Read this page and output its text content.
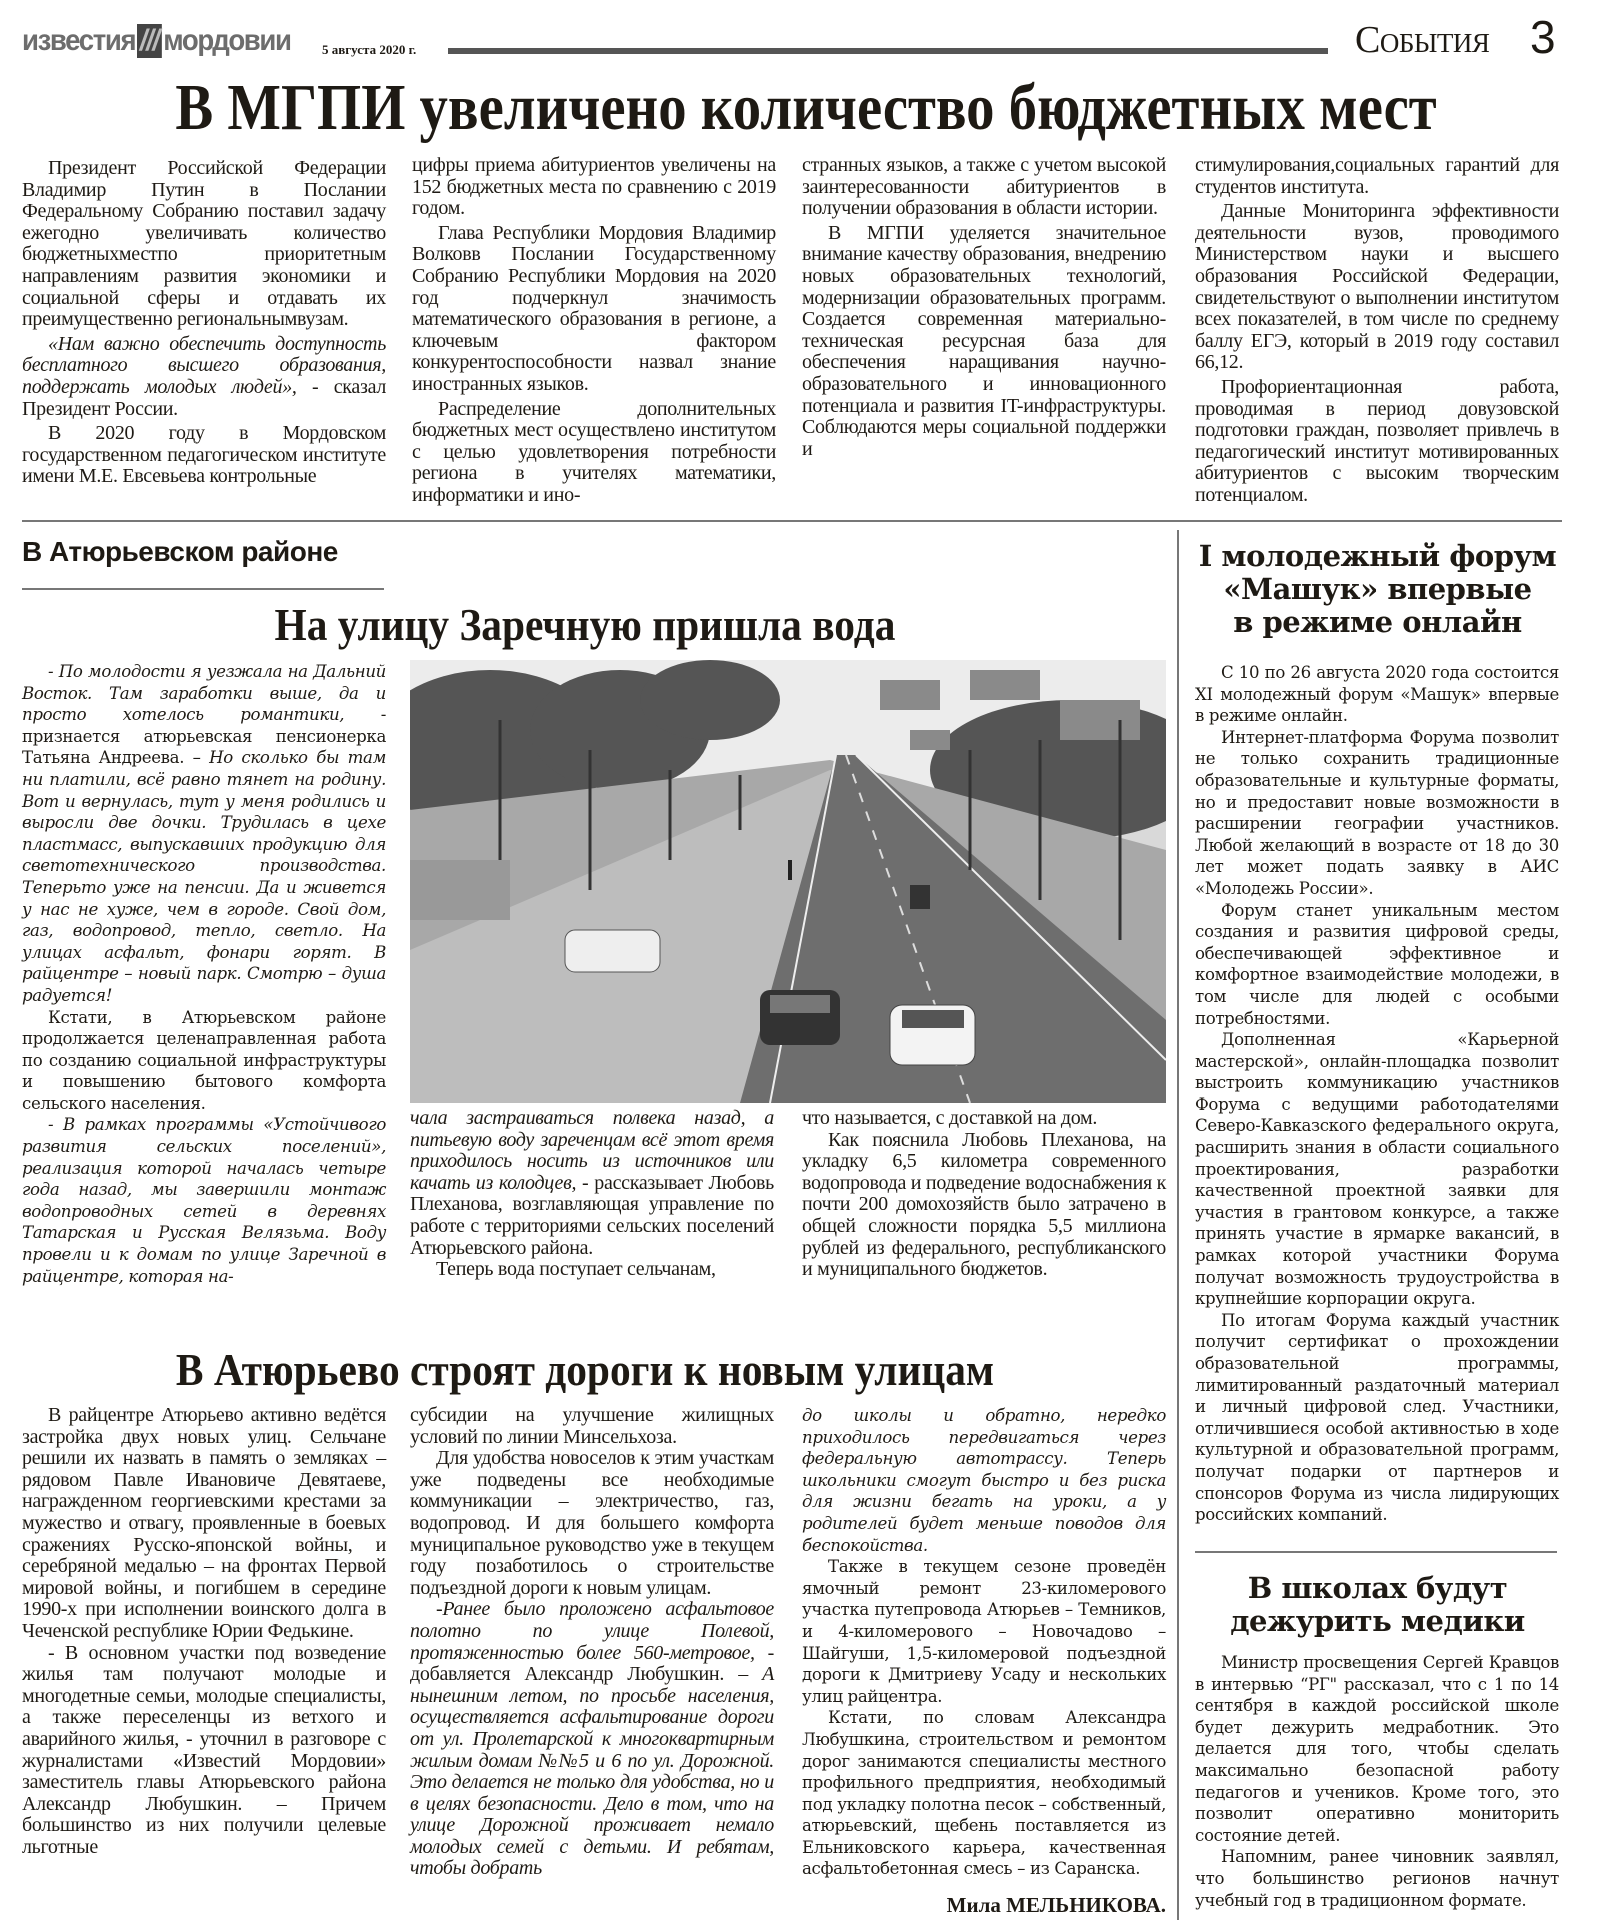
известия /// мордовии 5 августа 2020 г.	События 3
В МГПИ увеличено количество бюджетных мест

Президент Российской Федерации Владимир Путин в Послании Федеральному Собранию поставил задачу ежегодно увеличивать количество бюджетныхместпо приоритетным направлениям развития экономики и социальной сферы и отдавать их преимущественно региональнымвузам.

«Нам важно обеспечить доступность бесплатного высшего образования, поддержать молодых людей», - сказал Президент России.

В 2020 году в Мордовском государственном педагогическом институте имени М.Е. Евсевьева контрольные

цифры приема абитуриентов увеличены на 152 бюджетных места по сравнению с 2019 годом.

Глава Республики Мордовия Владимир Волковв Послании Государственному Собранию Республики Мордовия на 2020 год подчеркнул значимость математического образования в регионе, а ключевым фактором конкурентоспособности назвал знание иностранных языков.

Распределение дополнительных бюджетных мест осуществлено институтом с целью удовлетворения потребности региона в учителях математики, информатики и ино-

странных языков, а также с учетом высокой заинтересованности абитуриентов в получении образования в области истории.

В МГПИ уделяется значительное внимание качеству образования, внедрению новых образовательных технологий, модернизации образовательных программ. Создается современная материально-техническая ресурсная база для обеспечения наращивания научно-образовательного и инновационного потенциала и развития IT-инфраструктуры. Соблюдаются меры социальной поддержки и

стимулирования,социальных гарантий для студентов института.

Данные Мониторинга эффективности деятельности вузов, проводимого Министерством науки и высшего образования Российской Федерации, свидетельствуют о выполнении институтом всех показателей, в том числе по среднему баллу ЕГЭ, который в 2019 году составил 66,12.

Профориентационная работа, проводимая в период довузовской подготовки граждан, позволяет привлечь в педагогический институт мотивированных абитуриентов с высоким творческим потенциалом.

В Атюрьевском районе
На улицу Заречную пришла вода

- По молодости я уезжала на Дальний Восток. Там заработки выше, да и просто хотелось романтики, - признается атюрьевская пенсионерка Татьяна Андреева. – Но сколько бы там ни платили, всё равно тянет на родину. Вот и вернулась, тут у меня родились и выросли две дочки. Трудилась в цехе пластмасс, выпускавших продукцию для светотехнического производства. Теперьто уже на пенсии. Да и живется у нас не хуже, чем в городе. Свой дом, газ, водопровод, тепло, светло. На улицах асфальт, фонари горят. В райцентре – новый парк. Смотрю – душа радуется!

Кстати, в Атюрьевском районе продолжается целенаправленная работа по созданию социальной инфраструктуры и повышению бытового комфорта сельского населения.

- В рамках программы «Устойчивого развития сельских поселений», реализация которой началась четыре года назад, мы завершили монтаж водопроводных сетей в деревнях Татарская и Русская Велязьма. Воду провели и к домам по улице Заречной в райцентре, которая на-

чала застраиваться полвека назад, а питьевую воду зареченцам всё этот время приходилось носить из источников или качать из колодцев, - рассказывает Любовь Плеханова, возглавляющая управление по работе с территориями сельских поселений Атюрьевского района.

Теперь вода поступает сельчанам,

что называется, с доставкой на дом.

Как пояснила Любовь Плеханова, на укладку 6,5 километра современного водопровода и подведение водоснабжения к почти 200 домохозяйств было затрачено в общей сложности порядка 5,5 миллиона рублей из федерального, республиканского и муниципального бюджетов.

В Атюрьево строят дороги к новым улицам

В райцентре Атюрьево активно ведётся застройка двух новых улиц. Сельчане решили их назвать в память о земляках – рядовом Павле Ивановиче Девятаеве, награжденном георгиевскими крестами за мужество и отвагу, проявленные в боевых сражениях Русско-японской войны, и серебряной медалью – на фронтах Первой мировой войны, и погибшем в середине 1990-х при исполнении воинского долга в Чеченской республике Юрии Федькине.

- В основном участки под возведение жилья там получают молодые и многодетные семьи, молодые специалисты, а также переселенцы из ветхого и аварийного жилья, - уточнил в разговоре с журналистами «Известий Мордовии» заместитель главы Атюрьевского района Александр Любушкин. – Причем большинство из них получили целевые льготные

субсидии на улучшение жилищных условий по линии Минсельхоза.

Для удобства новоселов к этим участкам уже подведены все необходимые коммуникации – электричество, газ, водопровод. И для большего комфорта муниципальное руководство уже в текущем году позаботилось о строительстве подъездной дороги к новым улицам.

-Ранее было проложено асфальтовое полотно по улице Полевой, протяженностью более 560-метровое, - добавляется Александр Любушкин. – А нынешним летом, по просьбе населения, осуществляется асфальтирование дороги от ул. Пролетарской к многоквартирным жилым домам №№5 и 6 по ул. Дорожной. Это делается не только для удобства, но и в целях безопасности. Дело в том, что на улице Дорожной проживает немало молодых семей с детьми. И ребятам, чтобы добрать

до школы и обратно, нередко приходилось передвигаться через федеральную автотрассу. Теперь школьники смогут быстро и без риска для жизни бегать на уроки, а у родителей будет меньше поводов для беспокойства.

Также в текущем сезоне проведён ямочный ремонт 23-киломерового участка путепровода Атюрьев – Темников, и 4-киломерового – Новочадово – Шайгуши, 1,5-киломеровой подъездной дороги к Дмитриеву Усаду и нескольких улиц райцентра.

Кстати, по словам Александра Любушкина, строительством и ремонтом дорог занимаются специалисты местного профильного предприятия, необходимый под укладку полотна песок – собственный, атюрьевский, щебень поставляется из Ельниковского карьера, качественная асфальтобетонная смесь – из Саранска.

Мила МЕЛЬНИКОВА.
I молодежный форум
«Машук» впервые
в режиме онлайн

С 10 по 26 августа 2020 года состоится XI молодежный форум «Машук» впервые в режиме онлайн.

Интернет-платформа Форума позволит не только сохранить традиционные образовательные и культурные форматы, но и предоставит новые возможности в расширении географии участников. Любой желающий в возрасте от 18 до 30 лет может подать заявку в АИС «Молодежь России».

Форум станет уникальным местом создания и развития цифровой среды, обеспечивающей эффективное и комфортное взаимодействие молодежи, в том числе для людей с особыми потребностями.

Дополненная «Карьерной мастерской», онлайн-площадка позволит выстроить коммуникацию участников Форума с ведущими работодателями Северо-Кавказского федерального округа, расширить знания в области социального проектирования, разработки качественной проектной заявки для участия в грантовом конкурсе, а также принять участие в ярмарке вакансий, в рамках которой участники Форума получат возможность трудоустройства в крупнейшие корпорации округа.

По итогам Форума каждый участник получит сертификат о прохождении образовательной программы, лимитированный раздаточный материал и личный цифровой след. Участники, отличившиеся особой активностью в ходе культурной и образовательной программ, получат подарки от партнеров и спонсоров Форума из числа лидирующих российских компаний.

В школах будут
дежурить медики

Министр просвещения Сергей Кравцов в интервью “РГ" рассказал, что с 1 по 14 сентября в каждой российской школе будет дежурить медработник. Это делается для того, чтобы сделать максимально безопасной работу педагогов и учеников. Кроме того, это позволит оперативно мониторить состояние детей.

Напомним, ранее чиновник заявлял, что большинство регионов начнут учебный год в традиционном формате.
